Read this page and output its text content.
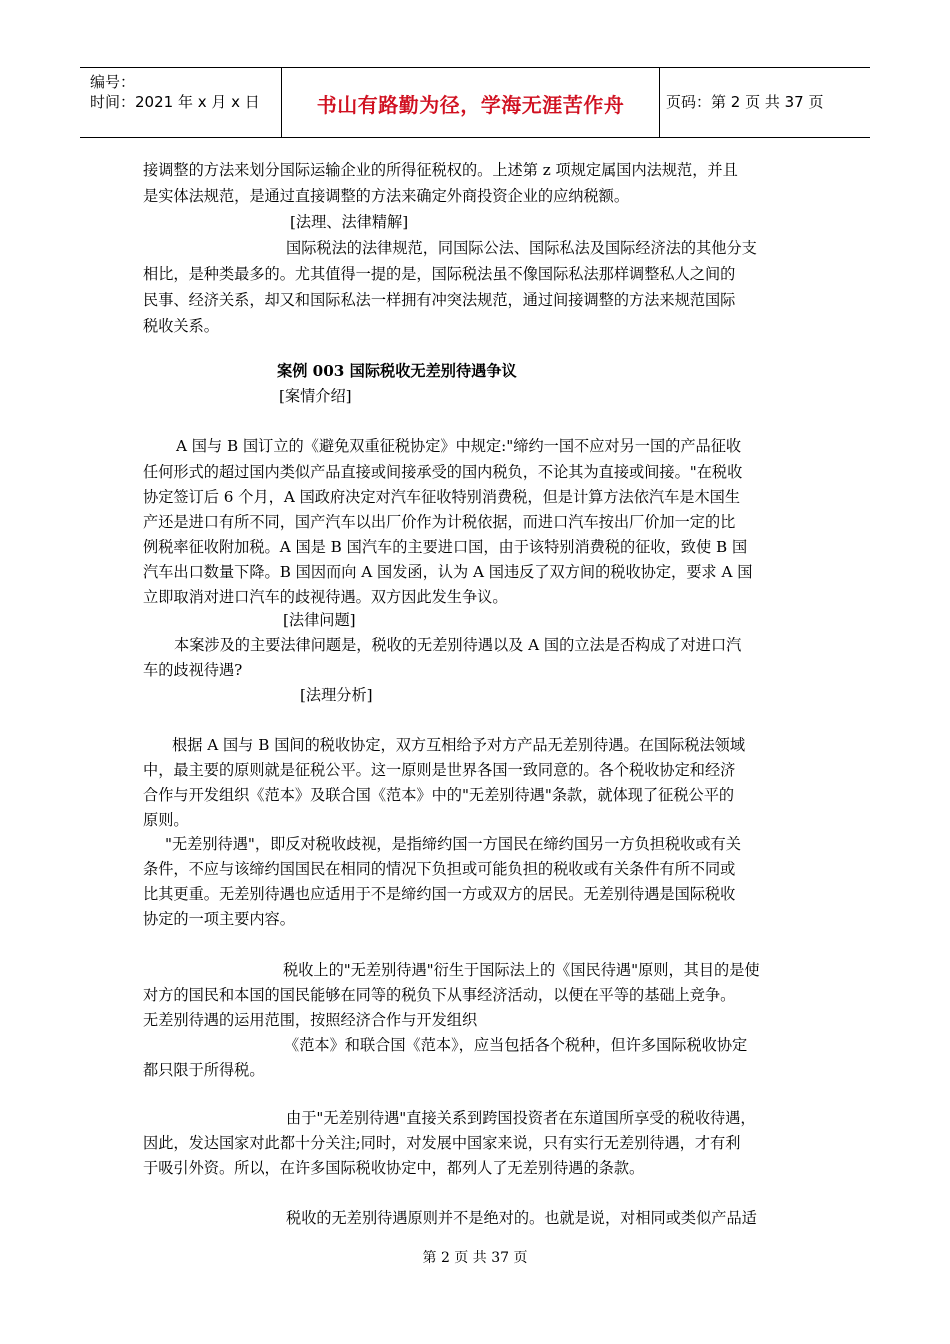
编号：
时间：2021 年 x 月 x 日	书山有路勤为径，学海无涯苦作舟	页码：第 2 页 共 37 页
接调整的方法来划分国际运输企业的所得征税权的。上述第 z 项规定属国内法规范，并且
是实体法规范，是通过直接调整的方法来确定外商投资企业的应纳税额。
[法理、法律精解]
国际税法的法律规范，同国际公法、国际私法及国际经济法的其他分支
相比，是种类最多的。尤其值得一提的是，国际税法虽不像国际私法那样调整私人之间的
民事、经济关系，却又和国际私法一样拥有冲突法规范，通过间接调整的方法来规范国际
税收关系。
案例 003 国际税收无差别待遇争议
[案情介绍]
A 国与 B 国订立的《避免双重征税协定》中规定:"缔约一国不应对另一国的产品征收
任何形式的超过国内类似产品直接或间接承受的国内税负，不论其为直接或间接。"在税收
协定签订后 6 个月，A 国政府决定对汽车征收特别消费税，但是计算方法依汽车是木国生
产还是进口有所不同，国产汽车以出厂价作为计税依据，而进口汽车按出厂价加一定的比
例税率征收附加税。A 国是 B 国汽车的主要进口国，由于该特别消费税的征收，致使 B 国
汽车出口数量下降。B 国因而向 A 国发函，认为 A 国违反了双方间的税收协定，要求 A 国
立即取消对进口汽车的歧视待遇。双方因此发生争议。
[法律问题]
本案涉及的主要法律问题是，税收的无差别待遇以及 A 国的立法是否构成了对进口汽
车的歧视待遇?
[法理分析]
根据 A 国与 B 国间的税收协定，双方互相给予对方产品无差别待遇。在国际税法领域
中，最主要的原则就是征税公平。这一原则是世界各国一致同意的。各个税收协定和经济
合作与开发组织《范本》及联合国《范本》中的"无差别待遇"条款，就体现了征税公平的
原则。
"无差别待遇"，即反对税收歧视，是指缔约国一方国民在缔约国另一方负担税收或有关
条件，不应与该缔约国国民在相同的情况下负担或可能负担的税收或有关条件有所不同或
比其更重。无差别待遇也应适用于不是缔约国一方或双方的居民。无差别待遇是国际税收
协定的一项主要内容。
税收上的"无差别待遇"衍生于国际法上的《国民待遇"原则，其目的是使
对方的国民和本国的国民能够在同等的税负下从事经济活动，以便在平等的基础上竞争。
无差别待遇的运用范围，按照经济合作与开发组织
《范本》和联合国《范本》，应当包括各个税种，但许多国际税收协定
都只限于所得税。
由于"无差别待遇"直接关系到跨国投资者在东道国所享受的税收待遇，
因此，发达国家对此都十分关注;同时，对发展中国家来说，只有实行无差别待遇，才有利
于吸引外资。所以，在许多国际税收协定中，都列人了无差别待遇的条款。
税收的无差别待遇原则并不是绝对的。也就是说，对相同或类似产品适
第 2 页 共 37 页
